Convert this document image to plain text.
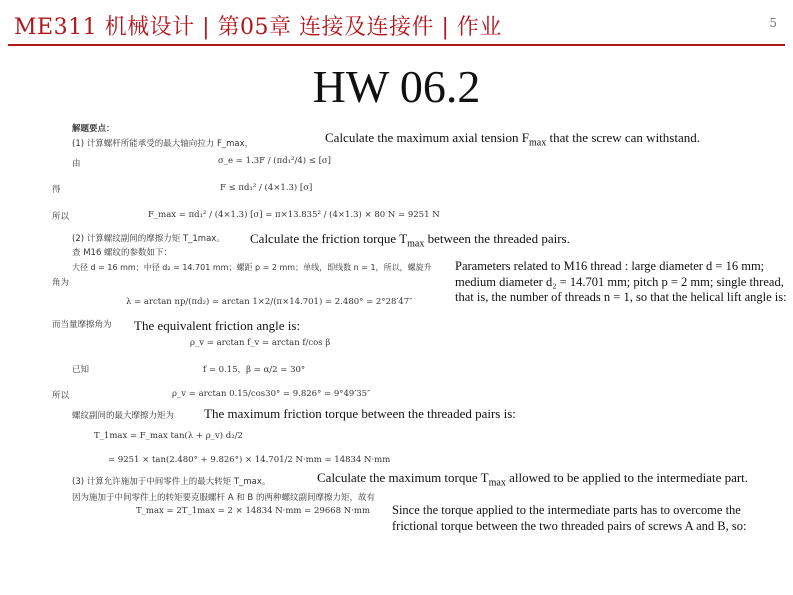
ME311 机械设计 | 第05章 连接及连接件 | 作业	5
HW 06.2
解题要点：
(1) 计算螺杆所能承受的最大轴向拉力 F_max，
由	σ_e = 1.3F / (πd₁²/4) ≤ [σ]
得	F ≤ πd₁² / (4×1.3) [σ]
所以	F_max = πd₁² / (4×1.3) [σ] = π×13.835² / (4×1.3) × 80 N = 9251 N
(2) 计算螺纹副间的摩擦力矩 T_1max。
查 M16 螺纹的参数如下：
大径 d = 16 mm；中径 d₂ = 14.701 mm；螺距 p = 2 mm；单线，即线数 n = 1，所以，螺旋升
角为
λ = arctan np/(πd₂) = arctan 1×2/(π×14.701) = 2.480° = 2°28′47″
而当量摩擦角为
ρ_v = arctan f_v = arctan f/cos β
已知	f = 0.15，β = α/2 = 30°
所以	ρ_v = arctan 0.15/cos30° = 9.826° = 9°49′35″
螺纹副间的最大摩擦力矩为
T_1max = F_max tan(λ + ρ_v) d₂/2
= 9251 × tan(2.480° + 9.826°) × 14.701/2 N·mm = 14834 N·mm
(3) 计算允许施加于中间零件上的最大转矩 T_max。
因为施加于中间零件上的转矩要克服螺杆 A 和 B 的两种螺纹副间摩擦力矩，故有
T_max = 2T_1max = 2 × 14834 N·mm = 29668 N·mm
Calculate the maximum axial tension $F_{max}$ that the screw can withstand.
Calculate the friction torque $T_{max}$ between the threaded pairs.
Parameters related to M16 thread : large diameter d = 16 mm; medium diameter d₂ = 14.701 mm; pitch p = 2 mm; single thread, that is, the number of threads n = 1, so that the helical lift angle is:
The equivalent friction angle is:
The maximum friction torque between the threaded pairs is:
Calculate the maximum torque $T_{max}$ allowed to be applied to the intermediate part.
Since the torque applied to the intermediate parts has to overcome the frictional torque between the two threaded pairs of screws A and B, so:
